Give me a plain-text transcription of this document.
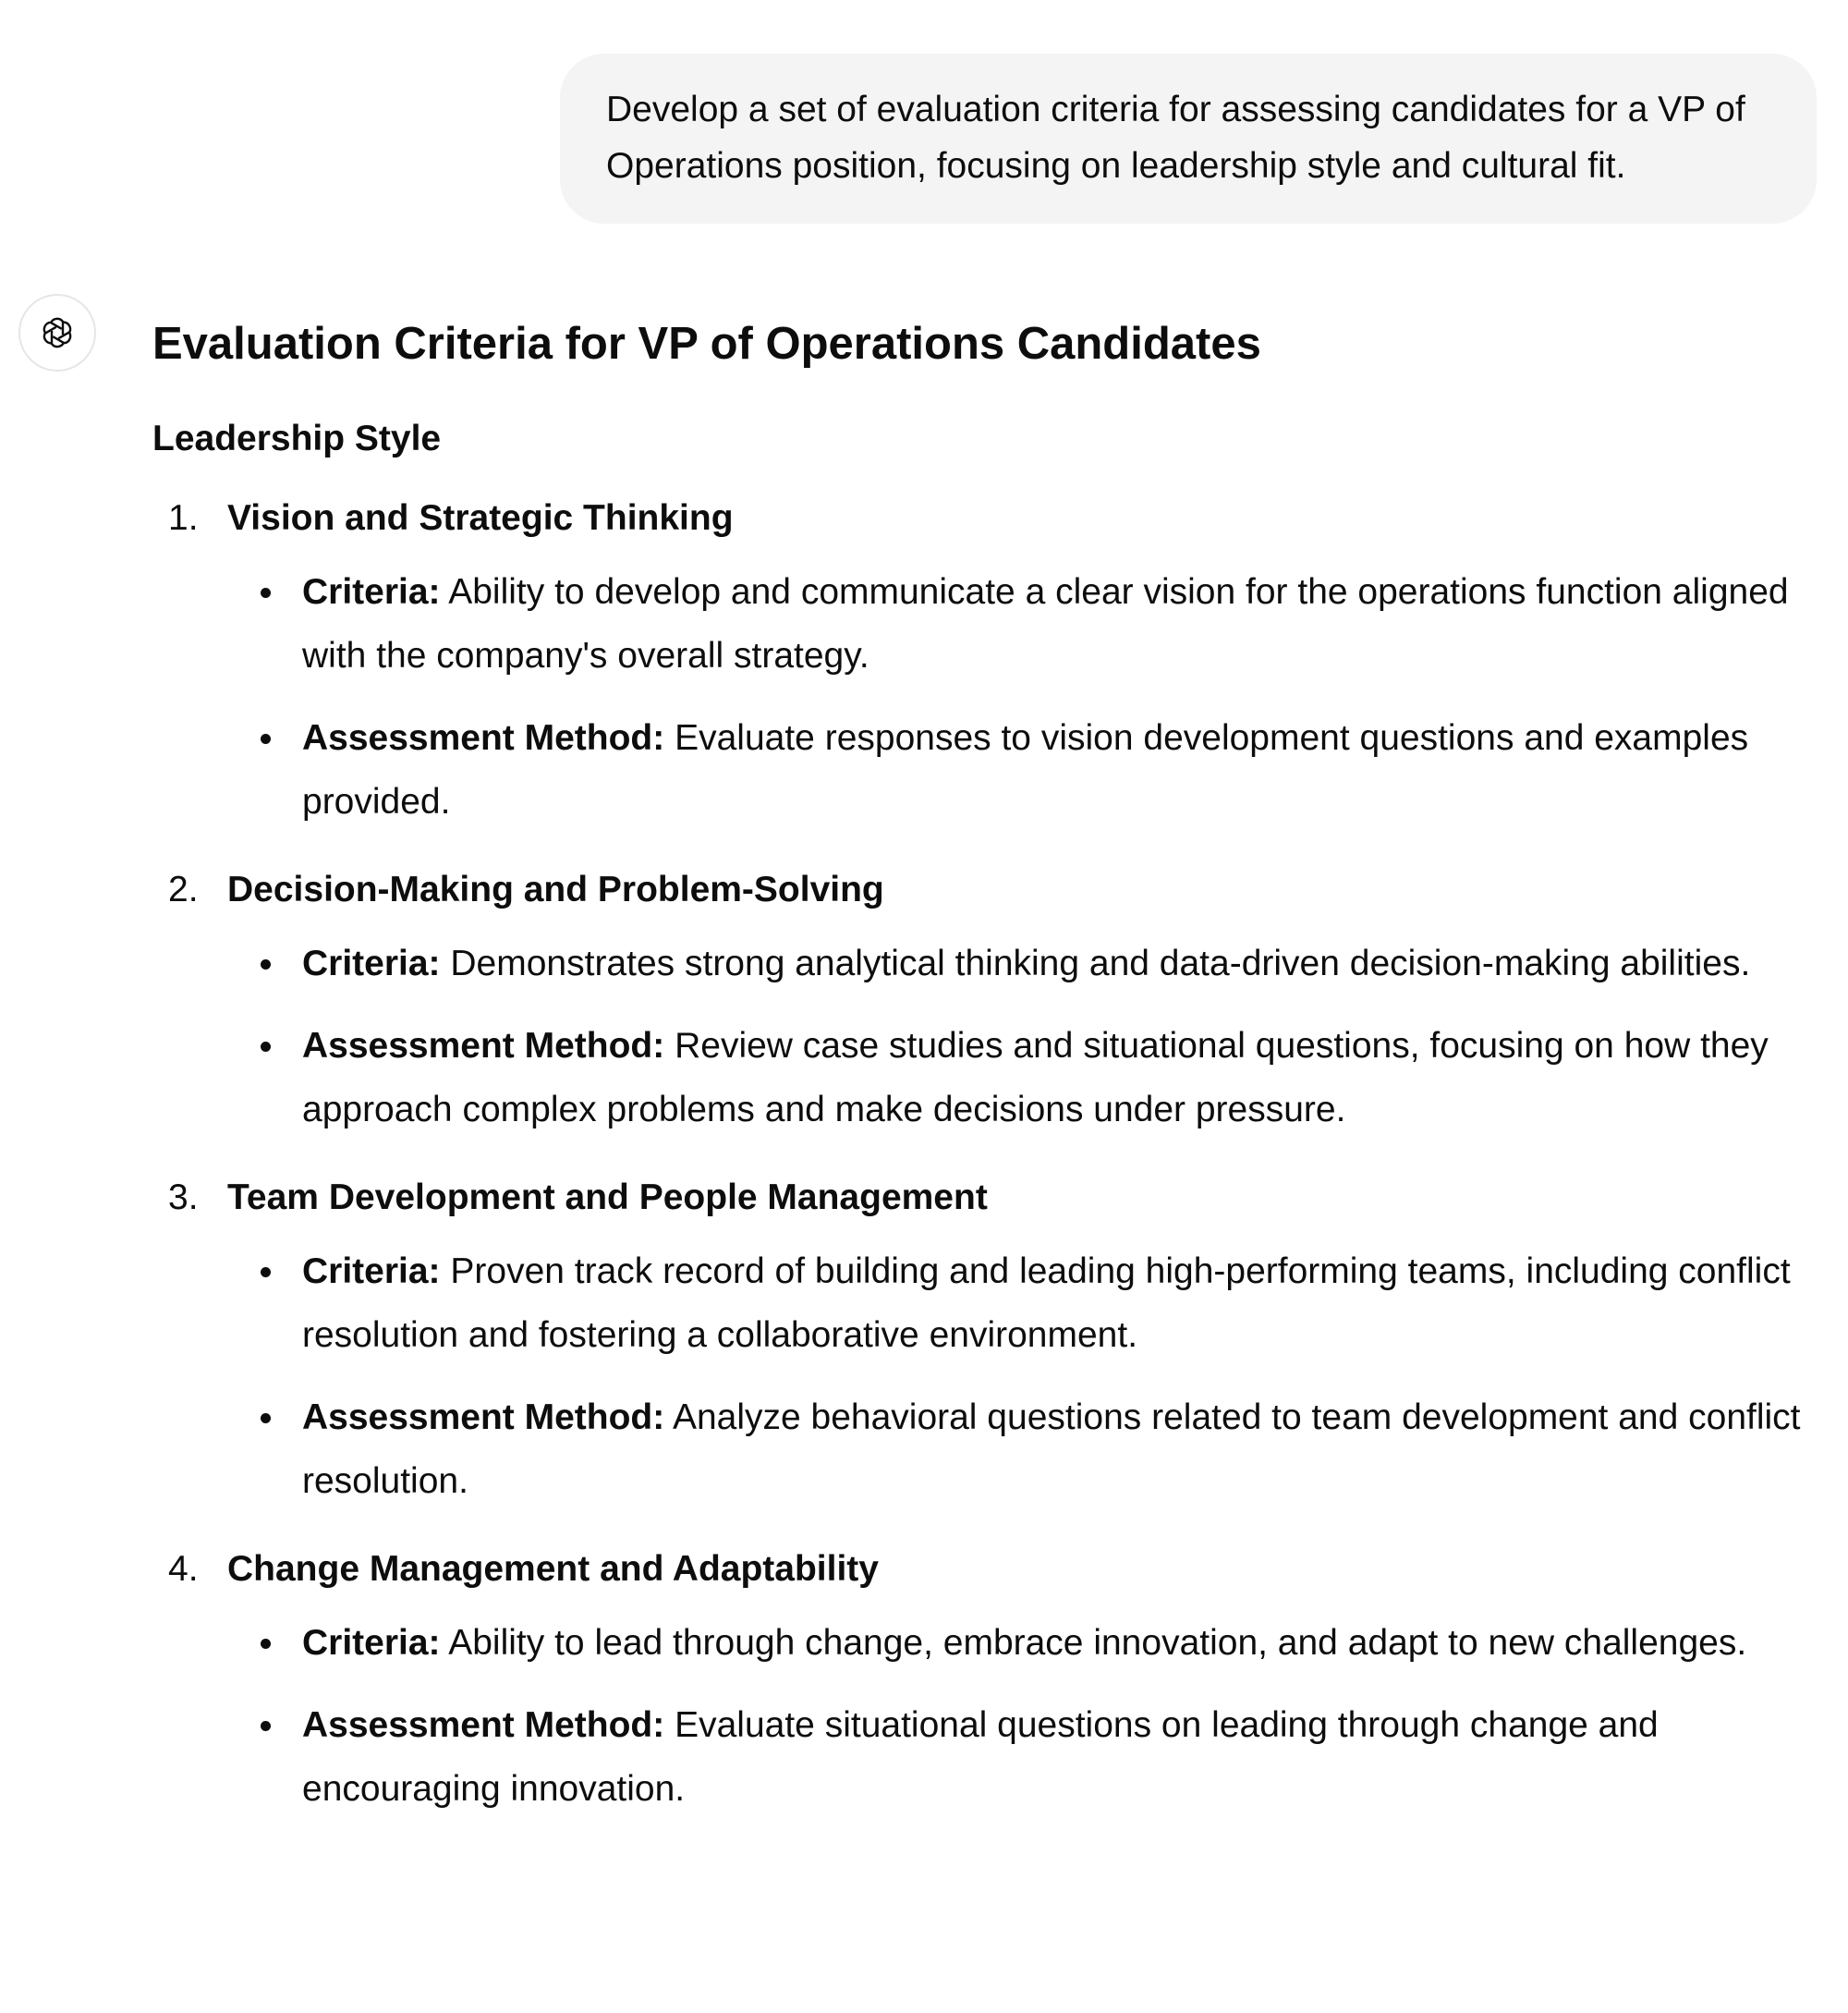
Develop a set of evaluation criteria for assessing candidates for a VP of Operations position, focusing on leadership style and cultural fit.
Evaluation Criteria for VP of Operations Candidates
Leadership Style
1. Vision and Strategic Thinking
Criteria: Ability to develop and communicate a clear vision for the operations function aligned with the company's overall strategy.
Assessment Method: Evaluate responses to vision development questions and examples provided.
2. Decision-Making and Problem-Solving
Criteria: Demonstrates strong analytical thinking and data-driven decision-making abilities.
Assessment Method: Review case studies and situational questions, focusing on how they approach complex problems and make decisions under pressure.
3. Team Development and People Management
Criteria: Proven track record of building and leading high-performing teams, including conflict resolution and fostering a collaborative environment.
Assessment Method: Analyze behavioral questions related to team development and conflict resolution.
4. Change Management and Adaptability
Criteria: Ability to lead through change, embrace innovation, and adapt to new challenges.
Assessment Method: Evaluate situational questions on leading through change and encouraging innovation.
